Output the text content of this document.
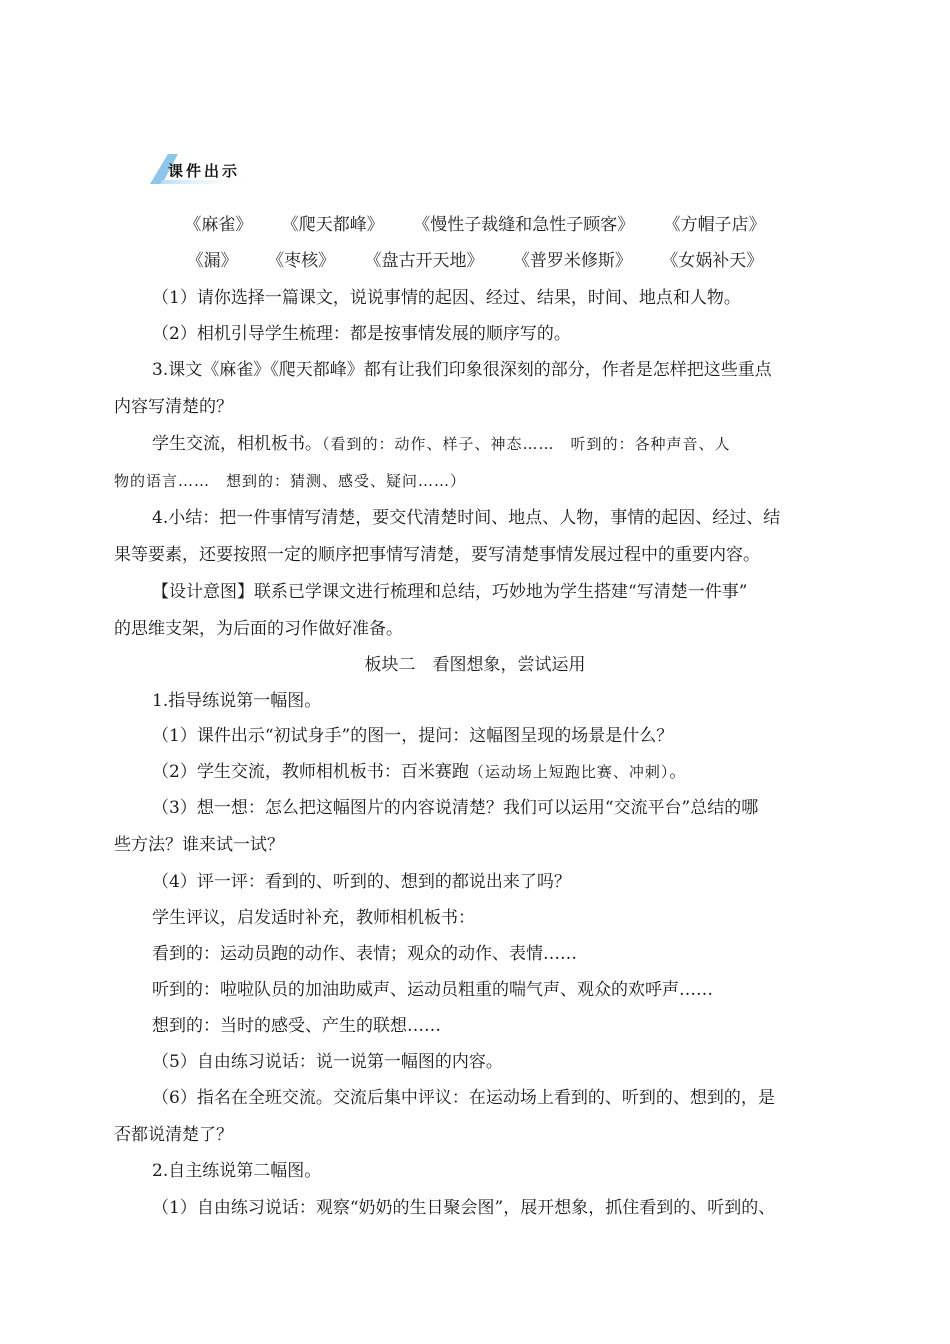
课件出示
《麻雀》 《爬天都峰》 《慢性子裁缝和急性子顾客》 《方帽子店》
《漏》 《枣核》 《盘古开天地》 《普罗米修斯》 《女娲补天》
（1）请你选择一篇课文，说说事情的起因、经过、结果，时间、地点和人物。
（2）相机引导学生梳理：都是按事情发展的顺序写的。
3.课文《麻雀》《爬天都峰》都有让我们印象很深刻的部分，作者是怎样把这些重点
内容写清楚的？
学生交流，相机板书。（看到的：动作、样子、神态……　听到的：各种声音、人
物的语言……　想到的：猜测、感受、疑问……）
4.小结：把一件事情写清楚，要交代清楚时间、地点、人物，事情的起因、经过、结
果等要素，还要按照一定的顺序把事情写清楚，要写清楚事情发展过程中的重要内容。
【设计意图】联系已学课文进行梳理和总结，巧妙地为学生搭建“写清楚一件事”
的思维支架，为后面的习作做好准备。
板块二　看图想象，尝试运用
1.指导练说第一幅图。
（1）课件出示“初试身手”的图一，提问：这幅图呈现的场景是什么？
（2）学生交流，教师相机板书：百米赛跑（运动场上短跑比赛、冲刺）。
（3）想一想：怎么把这幅图片的内容说清楚？我们可以运用“交流平台”总结的哪
些方法？谁来试一试？
（4）评一评：看到的、听到的、想到的都说出来了吗？
学生评议，启发适时补充，教师相机板书：
看到的：运动员跑的动作、表情；观众的动作、表情……
听到的：啦啦队员的加油助威声、运动员粗重的喘气声、观众的欢呼声……
想到的：当时的感受、产生的联想……
（5）自由练习说话：说一说第一幅图的内容。
（6）指名在全班交流。交流后集中评议：在运动场上看到的、听到的、想到的，是
否都说清楚了？
2.自主练说第二幅图。
（1）自由练习说话：观察“奶奶的生日聚会图”，展开想象，抓住看到的、听到的、
